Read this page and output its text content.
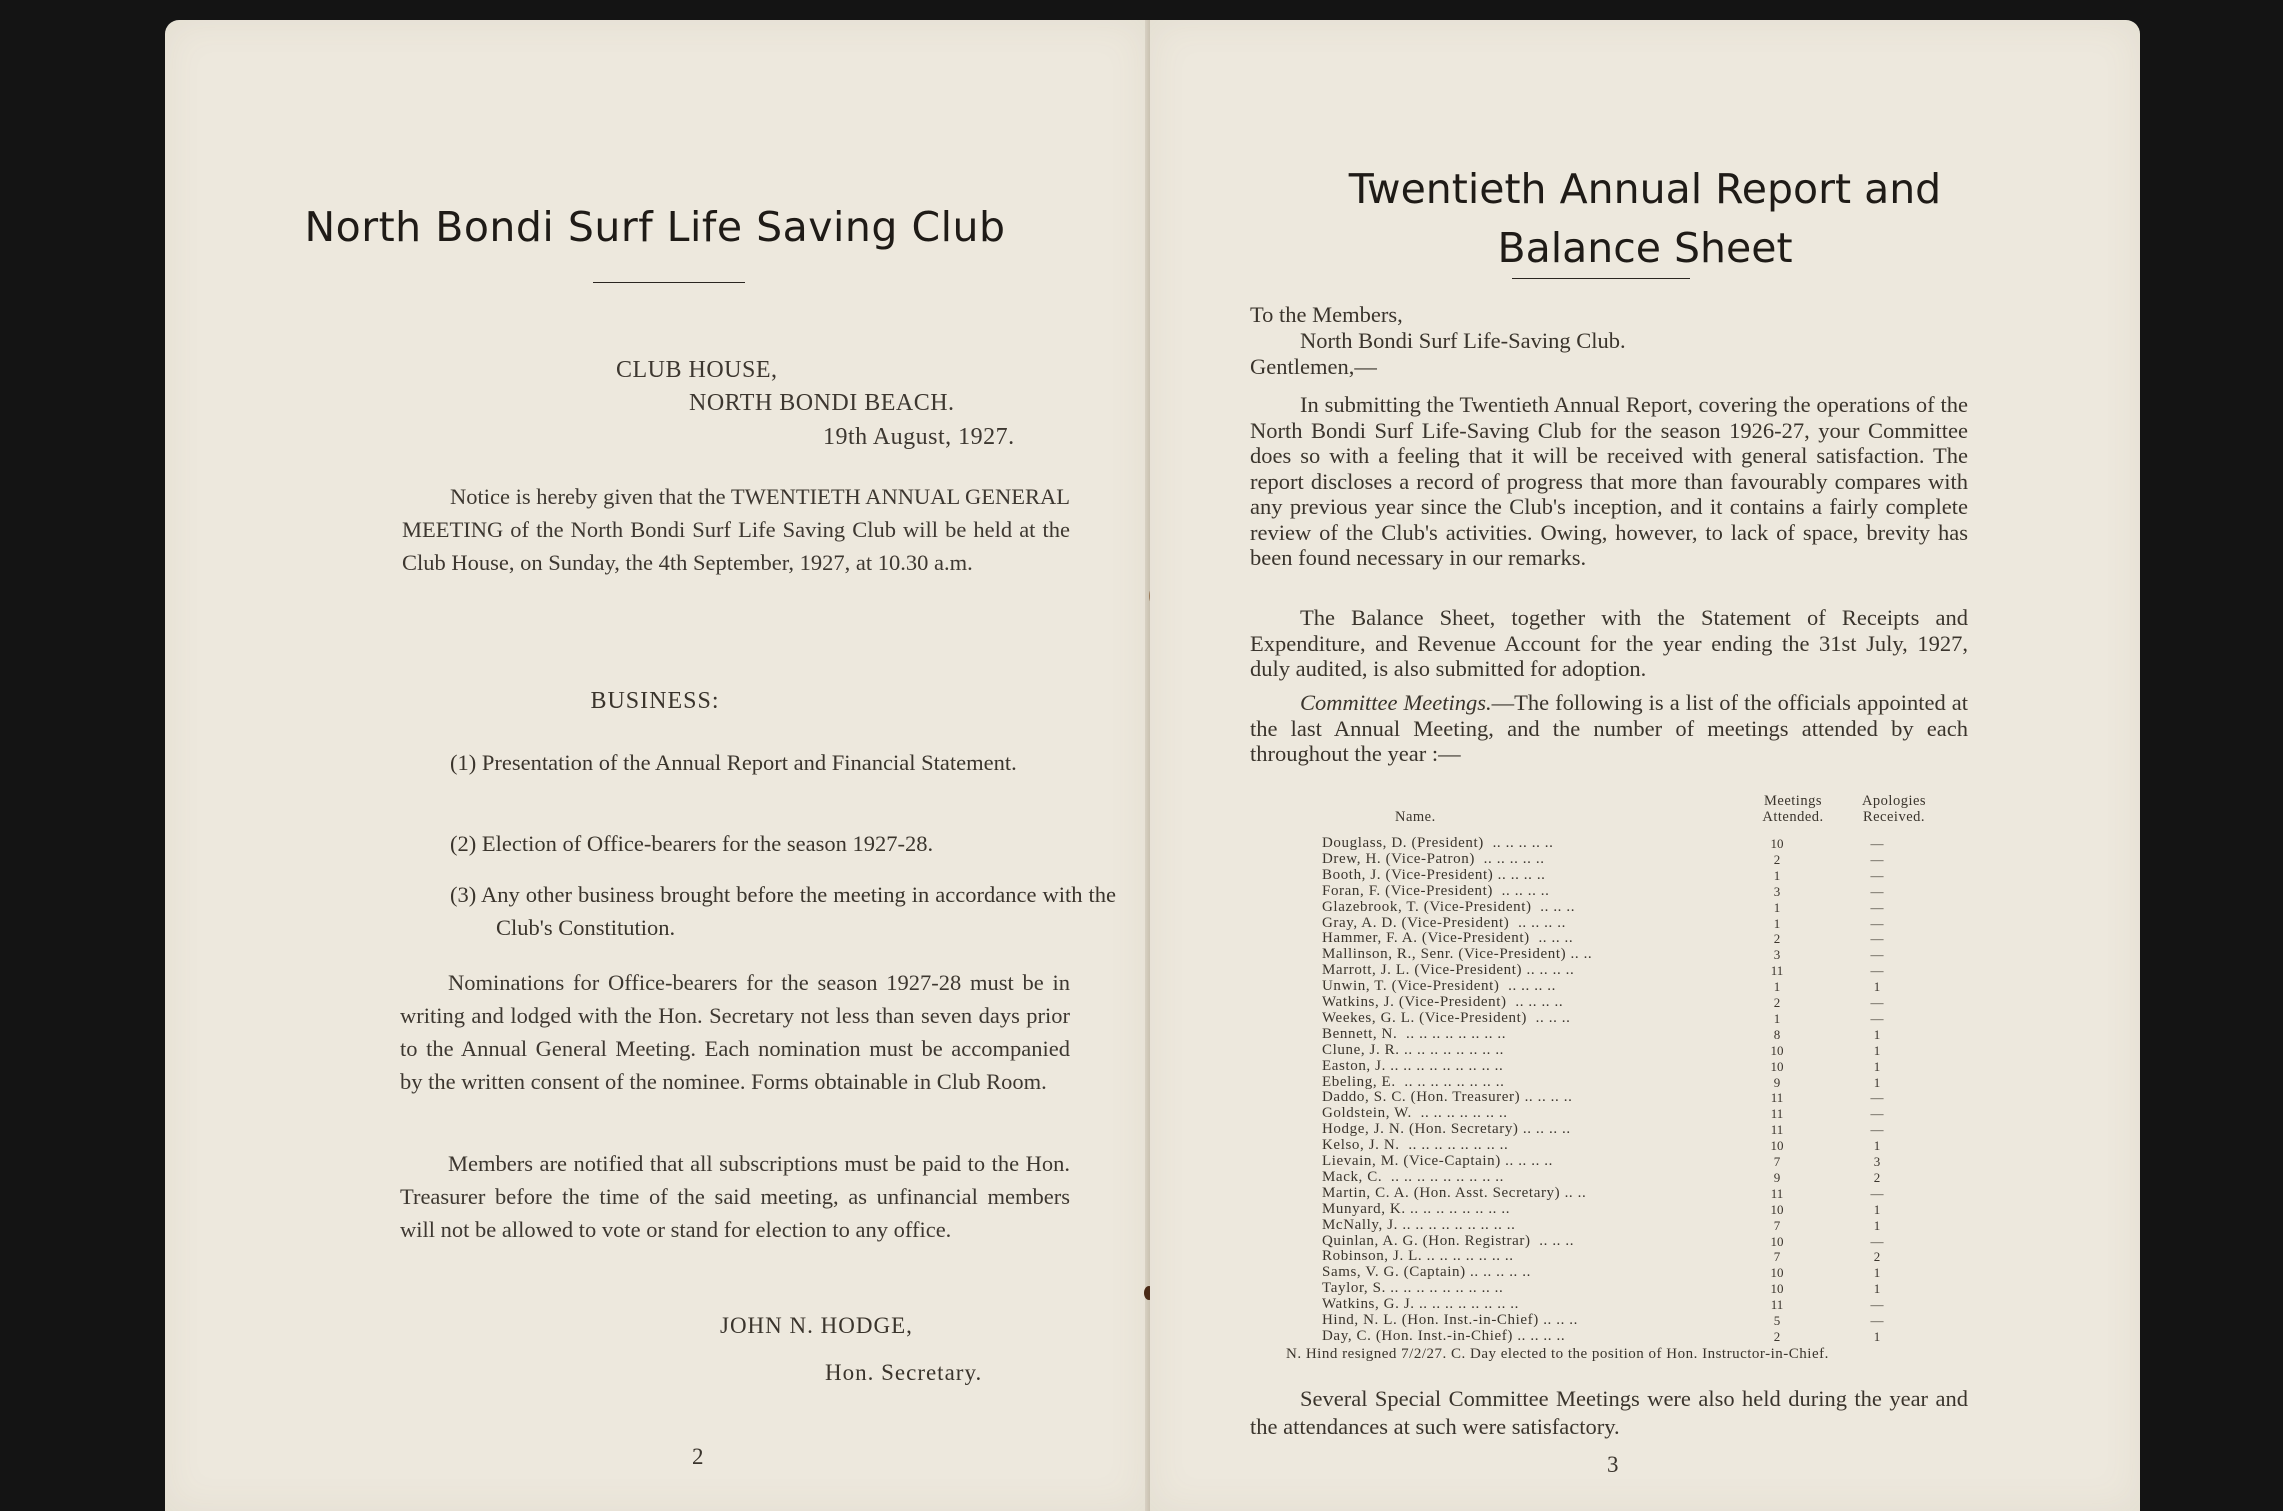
North Bondi Surf Life Saving Club
CLUB HOUSE,
NORTH BONDI BEACH.
19th August, 1927.
Notice is hereby given that the TWENTIETH ANNUAL GENERAL MEETING of the North Bondi Surf Life Saving Club will be held at the Club House, on Sunday, the 4th September, 1927, at 10.30 a.m.
BUSINESS:
(1) Presentation of the Annual Report and Financial Statement.
(2) Election of Office-bearers for the season 1927-28.
(3) Any other business brought before the meeting in accordance with the Club's Constitution.
Nominations for Office-bearers for the season 1927-28 must be in writing and lodged with the Hon. Secretary not less than seven days prior to the Annual General Meeting. Each nomination must be accompanied by the written consent of the nominee. Forms obtainable in Club Room.
Members are notified that all subscriptions must be paid to the Hon. Treasurer before the time of the said meeting, as unfinancial members will not be allowed to vote or stand for election to any office.
JOHN N. HODGE,
Hon. Secretary.
2
Twentieth Annual Report and
Balance Sheet
To the Members,
North Bondi Surf Life-Saving Club.
Gentlemen,—
In submitting the Twentieth Annual Report, covering the operations of the North Bondi Surf Life-Saving Club for the season 1926-27, your Committee does so with a feeling that it will be received with general satisfaction. The report discloses a record of progress that more than favourably compares with any previous year since the Club's inception, and it contains a fairly complete review of the Club's activities. Owing, however, to lack of space, brevity has been found necessary in our remarks.
The Balance Sheet, together with the Statement of Receipts and Expenditure, and Revenue Account for the year ending the 31st July, 1927, duly audited, is also submitted for adoption.
Committee Meetings.—The following is a list of the officials appointed at the last Annual Meeting, and the number of meetings attended by each throughout the year :—
Name.
Meetings
Attended.
Apologies
Received.
Douglass, D. (President)  .. .. .. .. ..	10	—
Drew, H. (Vice-Patron)  .. .. .. .. ..	2	—
Booth, J. (Vice-President) .. .. .. ..	1	—
Foran, F. (Vice-President)  .. .. .. ..	3	—
Glazebrook, T. (Vice-President)  .. .. ..	1	—
Gray, A. D. (Vice-President)  .. .. .. ..	1	—
Hammer, F. A. (Vice-President)  .. .. ..	2	—
Mallinson, R., Senr. (Vice-President) .. ..	3	—
Marrott, J. L. (Vice-President) .. .. .. ..	11	—
Unwin, T. (Vice-President)  .. .. .. ..	1	1
Watkins, J. (Vice-President)  .. .. .. ..	2	—
Weekes, G. L. (Vice-President)  .. .. ..	1	—
Bennett, N.  .. .. .. .. .. .. .. ..	8	1
Clune, J. R. .. .. .. .. .. .. .. ..	10	1
Easton, J. .. .. .. .. .. .. .. .. ..	10	1
Ebeling, E.  .. .. .. .. .. .. .. ..	9	1
Daddo, S. C. (Hon. Treasurer) .. .. .. ..	11	—
Goldstein, W.  .. .. .. .. .. .. ..	11	—
Hodge, J. N. (Hon. Secretary) .. .. .. ..	11	—
Kelso, J. N.  .. .. .. .. .. .. .. ..	10	1
Lievain, M. (Vice-Captain) .. .. .. ..	7	3
Mack, C.  .. .. .. .. .. .. .. .. ..	9	2
Martin, C. A. (Hon. Asst. Secretary) .. ..	11	—
Munyard, K. .. .. .. .. .. .. .. ..	10	1
McNally, J. .. .. .. .. .. .. .. .. ..	7	1
Quinlan, A. G. (Hon. Registrar)  .. .. ..	10	—
Robinson, J. L. .. .. .. .. .. .. ..	7	2
Sams, V. G. (Captain) .. .. .. .. ..	10	1
Taylor, S. .. .. .. .. .. .. .. .. ..	10	1
Watkins, G. J. .. .. .. .. .. .. .. ..	11	—
Hind, N. L. (Hon. Inst.-in-Chief) .. .. ..	5	—
Day, C. (Hon. Inst.-in-Chief) .. .. .. ..	2	1
N. Hind resigned 7/2/27. C. Day elected to the position of Hon. Instructor-in-Chief.
Several Special Committee Meetings were also held during the year and the attendances at such were satisfactory.
3
